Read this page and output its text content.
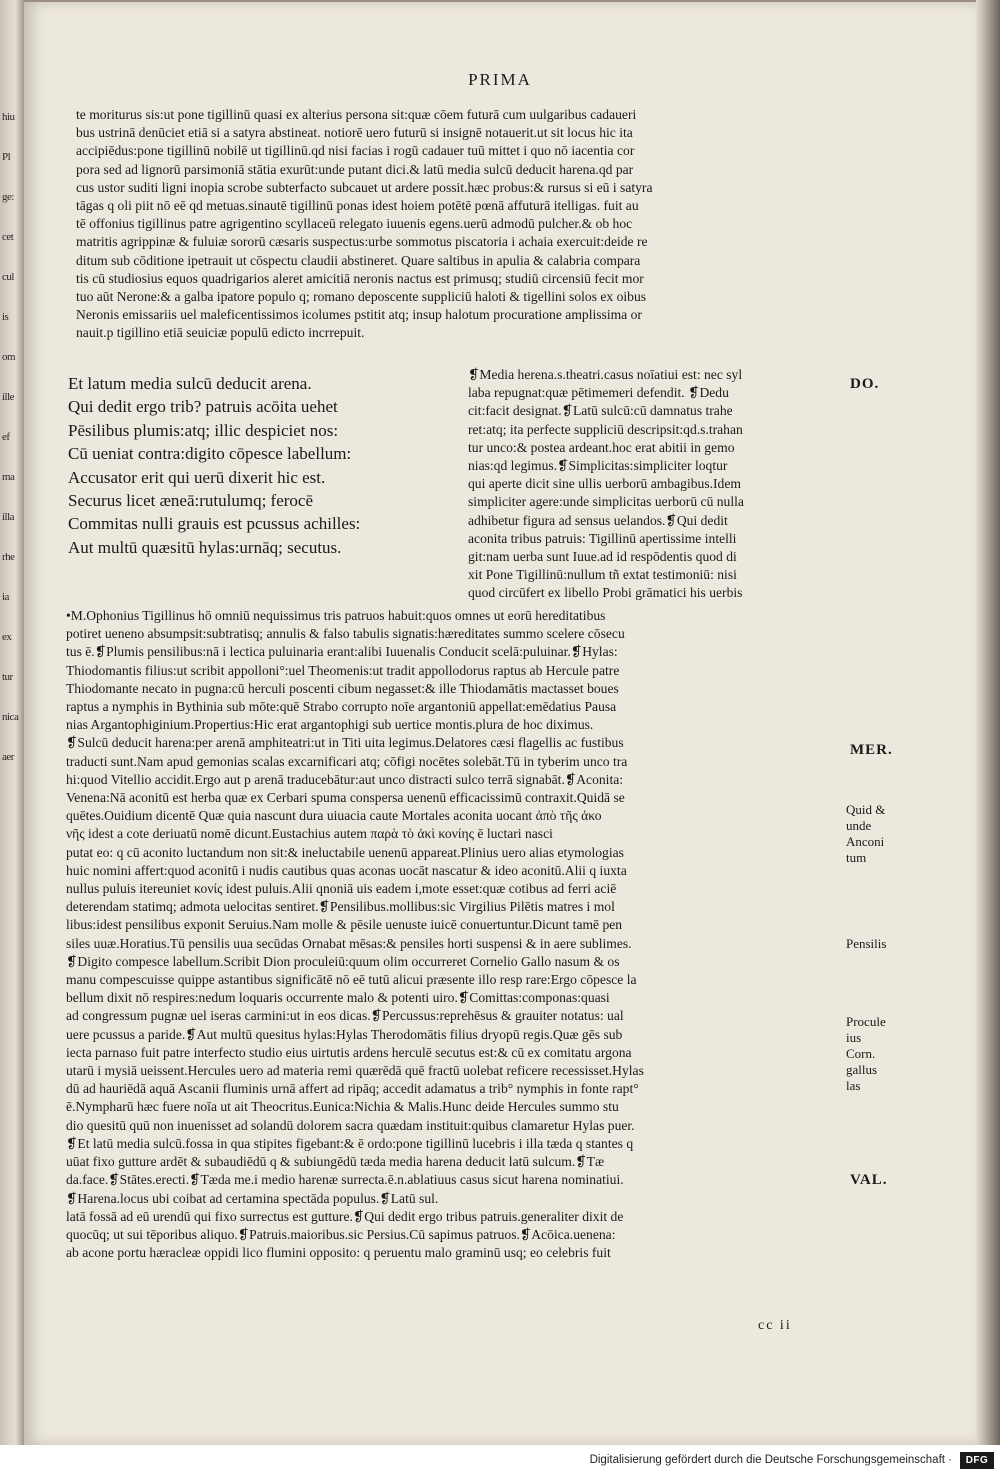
hiu
Pl
ge:
cet
cul
is
om
ille
ef
ma
illa
rhe
ia
ex
tur
nica
aer
PRIMA
te moriturus sis:ut pone tigillinū quasi ex alterius persona sit:quæ cōem futurā cum uulgaribus cadaueri
bus ustrinā denūciet etiā si a satyra abstineat. notiorē uero futurū si insignē notauerit.ut sit locus hic ita
accipiēdus:pone tigillinū nobilē ut tigillinū.qd nisi facias i rogū cadauer tuū mittet i quo nō iacentia cor
pora sed ad lignorū parsimoniā stātia exurūt:unde putant dici.& latū media sulcū deducit harena.qd par
cus ustor suditi ligni inopia scrobe subterfacto subcauet ut ardere possit.hæc probus:& rursus si eū i satyra
tāgas q oli piit nō eē qd metuas.sinautē tigillinū ponas idest hoiem potētē pœnā affuturā itelligas. fuit au
tē offonius tigillinus patre agrigentino scyllaceū relegato iuuenis egens.uerū admodū pulcher.& ob hoc
matritis agrippinæ & fuluiæ sororū cæsaris suspectus:urbe sommotus piscatoria i achaia exercuit:deide re
ditum sub cōditione ipetrauit ut cōspectu claudii abstineret. Quare saltibus in apulia & calabria compara
tis cū studiosius equos quadrigarios aleret amicitiā neronis nactus est primusq; studiū circensiū fecit mor
tuo aūt Nerone:& a galba ipatore populo q; romano deposcente suppliciū haloti & tigellini solos ex oibus
Neronis emissariis uel maleficentissimos icolumes pstitit atq; insup halotum procuratione amplissima or
nauit.p tigillino etiā seuiciæ populū edicto incrrepuit.
Et latum media sulcū deducit arena.
Qui dedit ergo trib? patruis acōita uehet
Pēsilibus plumis:atq; illic despiciet nos:
Cū ueniat contra:digito cōpesce labellum:
Accusator erit qui uerū dixerit hic est.
Securus licet æneā:rutulumq; ferocē
Commitas nulli grauis est pcussus achilles:
Aut multū quæsitū hylas:urnāq; secutus.
❡Media herena.s.theatri.casus noīatiui est: nec syl
laba repugnat:quæ pētimemeri defendit. ❡Dedu
cit:facit designat.❡Latū sulcū:cū damnatus trahe
ret:atq; ita perfecte suppliciū descripsit:qd.s.trahan
tur unco:& postea ardeant.hoc erat abitii in gemo
nias:qd legimus.❡Simplicitas:simpliciter loqtur
qui aperte dicit sine ullis uerborū ambagibus.Idem
simpliciter agere:unde simplicitas uerborū cū nulla
adhibetur figura ad sensus uelandos.❡Qui dedit
aconita tribus patruis: Tigillinū apertissime intelli
git:nam uerba sunt Iuue.ad id respōdentis quod di
xit Pone Tigillinū:nullum tñ extat testimoniū: nisi
quod circūfert ex libello Probi grāmatici his uerbis
•M.Ophonius Tigillinus hō omniū nequissimus tris patruos habuit:quos omnes ut eorū hereditatibus
potiret ueneno absumpsit:subtratisq; annulis & falso tabulis signatis:hæreditates summo scelere cōsecu
tus ē.❡Plumis pensilibus:nā i lectica puluinaria erant:alibi Iuuenalis Conducit scelā:puluinar.❡Hylas:
Thiodomantis filius:ut scribit appolloni°:uel Theomenis:ut tradit appollodorus raptus ab Hercule patre
Thiodomante necato in pugna:cū herculi poscenti cibum negasset:& ille Thiodamātis mactasset boues
raptus a nymphis in Bythinia sub mōte:quē Strabo corrupto noīe argantoniū appellat:emēdatius Pausa
nias Argantophiginium.Propertius:Hic erat argantophigi sub uertice montis.plura de hoc diximus.
❡Sulcū deducit harena:per arenā amphiteatri:ut in Titi uita legimus.Delatores cæsi flagellis ac fustibus
traducti sunt.Nam apud gemonias scalas excarnificari atq; cōfigi nocētes solebāt.Tū in tyberim unco tra
hi:quod Vitellio accidit.Ergo aut p arenā traducebātur:aut unco distracti sulco terrā signabāt.❡Aconita:
Venena:Nā aconitū est herba quæ ex Cerbari spuma conspersa uenenū efficacissimū contraxit.Quidā se
quētes.Ouidium dicentē Quæ quia nascunt dura uiuacia caute Mortales aconita uocant ἀπὸ τῆς ἀκο
νῆς idest a cote deriuatū nomē dicunt.Eustachius autem παρὰ τὸ ἀκὶ κονίης ē luctari nasci
putat eo: q cū aconito luctandum non sit:& ineluctabile uenenū appareat.Plinius uero alias etymologias
huic nomini affert:quod aconitū i nudis cautibus quas aconas uocāt nascatur & ideo aconitū.Alii q iuxta
nullus puluis itereuniet κονίς idest puluis.Alii qnoniā uis eadem i,mote esset:quæ cotibus ad ferri aciē
deterendam statimq; admota uelocitas sentiret.❡Pensilibus.mollibus:sic Virgilius Pilētis matres i mol
libus:idest pensilibus exponit Seruius.Nam molle & pēsile uenuste iuicē conuertuntur.Dicunt tamē pen
siles uuæ.Horatius.Tū pensilis uua secūdas Ornabat mēsas:& pensiles horti suspensi & in aere sublimes.
❡Digito compesce labellum.Scribit Dion proculeiū:quum olim occurreret Cornelio Gallo nasum & os
manu compescuisse quippe astantibus significātē nō eē tutū alicui præsente illo resp rare:Ergo cōpesce la
bellum dixit nō respires:nedum loquaris occurrente malo & potenti uiro.❡Comittas:componas:quasi
ad congressum pugnæ uel iseras carmini:ut in eos dicas.❡Percussus:reprehēsus & grauiter notatus: ual
uere pcussus a paride.❡Aut multū quesitus hylas:Hylas Therodomātis filius dryopū regis.Quæ gēs sub
iecta parnaso fuit patre interfecto studio eius uirtutis ardens herculē secutus est:& cū ex comitatu argona
utarū i mysiā ueissent.Hercules uero ad materia remi quærēdā quē fractū uolebat reficere recessisset.Hylas
dū ad hauriēdā aquā Ascanii fluminis urnā affert ad ripāq; accedit adamatus a trib° nymphis in fonte rapt°
ē.Nympharū hæc fuere noīa ut ait Theocritus.Eunica:Nichia & Malis.Hunc deide Hercules summo stu
dio quesitū quū non inuenisset ad solandū dolorem sacra quædam instituit:quibus clamaretur Hylas puer.
❡Et latū media sulcū.fossa in qua stipites figebant:& ē ordo:pone tigillinū lucebris i illa tæda q stantes q
uūat fixo gutture ardēt & subaudiēdū q & subiungēdū tæda media harena deducit latū sulcum.❡Tæ
da.face.❡Stātes.erecti.❡Tæda me.i medio harenæ surrecta.ē.n.ablatiuus casus sicut harena nominatiui.
❡Harena.locus ubi coibat ad certamina spectāda populus.❡Latū sul.
latā fossā ad eū urendū qui fixo surrectus est gutture.❡Qui dedit ergo tribus patruis.generaliter dixit de
quocūq; ut sui tēporibus aliquo.❡Patruis.maioribus.sic Persius.Cū sapimus patruos.❡Acōica.uenena:
ab acone portu hæracleæ oppidi lico flumini opposito: q peruentu malo graminū usq; eo celebris fuit
DO.
MER.
Quid &
unde
Anconi
tum
Pensilis
Procule
ius
Corn.
gallus
las
VAL.
cc ii
Digitalisierung gefördert durch die Deutsche Forschungsgemeinschaft ·	DFG
